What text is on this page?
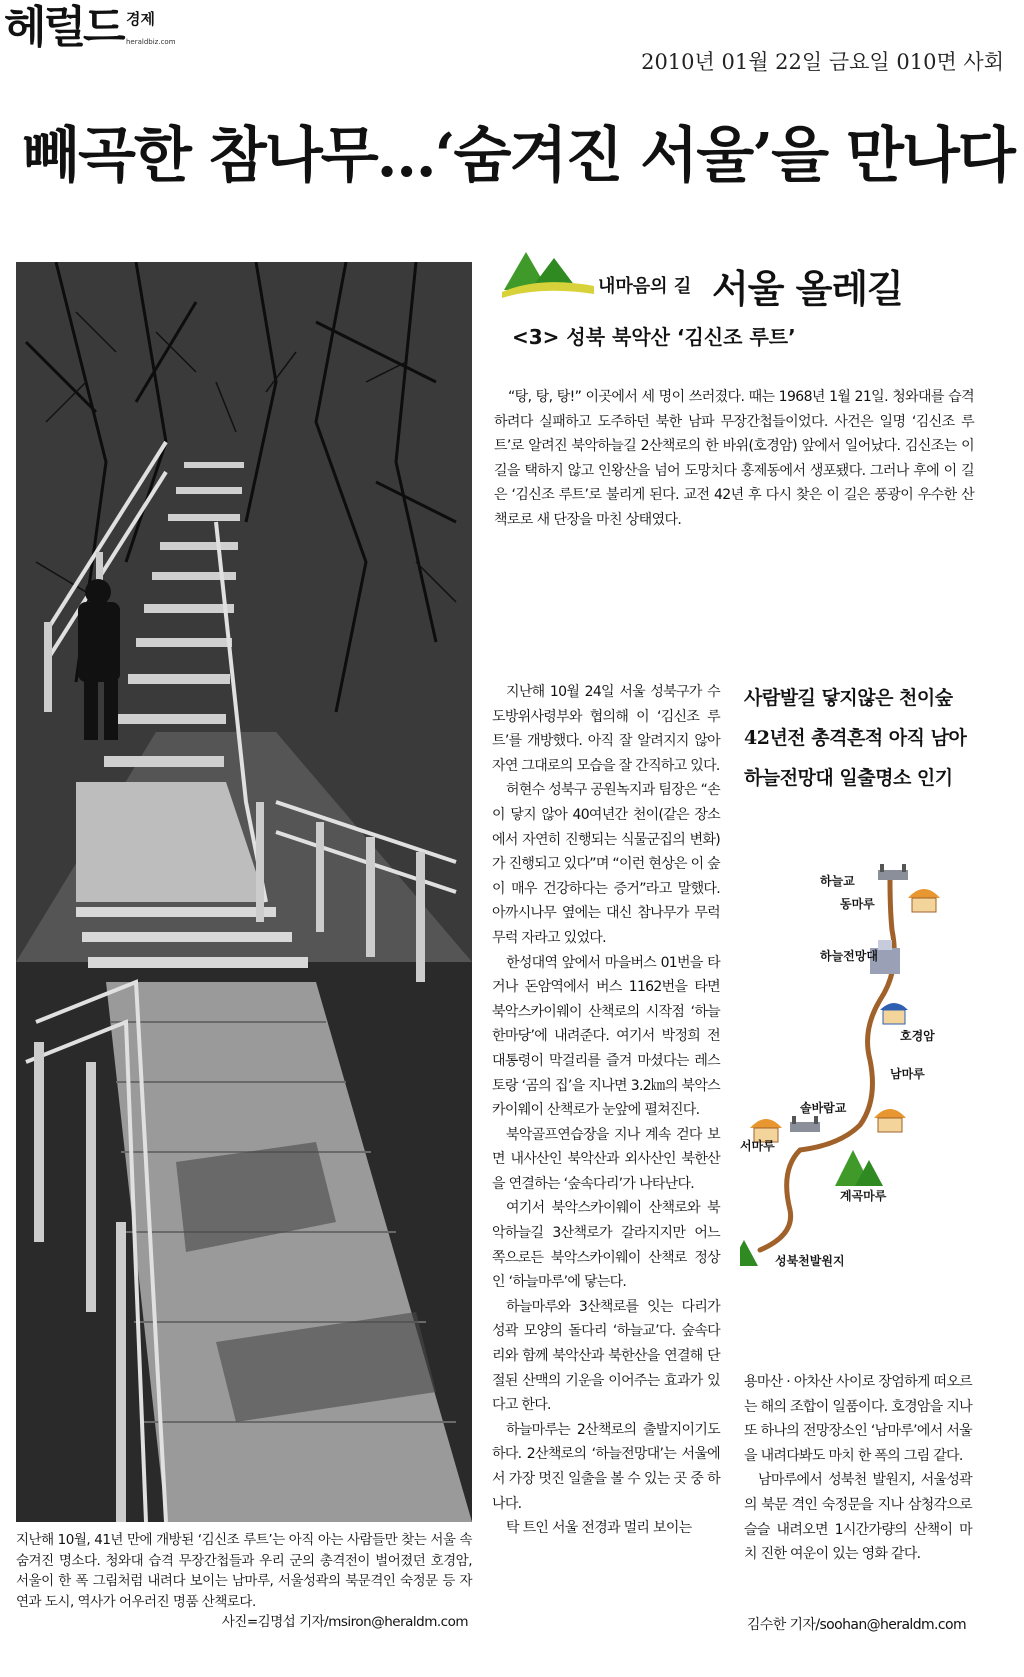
헤럴드 경제
heraldbiz.com
2010년 01월 22일 금요일 010면 사회
빼곡한 참나무…‘숨겨진 서울’을 만나다
지난해 10월, 41년 만에 개방된 ‘김신조 루트’는 아직 아는 사람들만 찾는 서울 속 숨겨진 명소다. 청와대 습격 무장간첩들과 우리 군의 총격전이 벌어졌던 호경암, 서울이 한 폭 그림처럼 내려다 보이는 남마루, 서울성곽의 북문격인 숙정문 등 자연과 도시, 역사가 어우러진 명품 산책로다.
사진=김명섭 기자/msiron@heraldm.com
내마음의 길 서울 올레길
<3> 성북 북악산 ‘김신조 루트’

“탕, 탕, 탕!” 이곳에서 세 명이 쓰러졌다. 때는 1968년 1월 21일. 청와대를 습격하려다 실패하고 도주하던 북한 남파 무장간첩들이었다. 사건은 일명 ‘김신조 루트’로 알려진 북악하늘길 2산책로의 한 바위(호경암) 앞에서 일어났다. 김신조는 이 길을 택하지 않고 인왕산을 넘어 도망치다 홍제동에서 생포됐다. 그러나 후에 이 길은 ‘김신조 루트’로 불리게 된다. 교전 42년 후 다시 찾은 이 길은 풍광이 우수한 산책로로 새 단장을 마친 상태였다.

지난해 10월 24일 서울 성북구가 수도방위사령부와 협의해 이 ‘김신조 루트’를 개방했다. 아직 잘 알려지지 않아 자연 그대로의 모습을 잘 간직하고 있다.

허현수 성북구 공원녹지과 팀장은 “손이 닿지 않아 40여년간 천이(같은 장소에서 자연히 진행되는 식물군집의 변화)가 진행되고 있다”며 “이런 현상은 이 숲이 매우 건강하다는 증거”라고 말했다. 아까시나무 옆에는 대신 참나무가 무럭무럭 자라고 있었다.

한성대역 앞에서 마을버스 01번을 타거나 돈암역에서 버스 1162번을 타면 북악스카이웨이 산책로의 시작점 ‘하늘한마당’에 내려준다. 여기서 박정희 전 대통령이 막걸리를 즐겨 마셨다는 레스토랑 ‘곰의 집’을 지나면 3.2㎞의 북악스카이웨이 산책로가 눈앞에 펼쳐진다.

북악골프연습장을 지나 계속 걷다 보면 내사산인 북악산과 외사산인 북한산을 연결하는 ‘숲속다리’가 나타난다.

여기서 북악스카이웨이 산책로와 북악하늘길 3산책로가 갈라지지만 어느 쪽으로든 북악스카이웨이 산책로 정상인 ‘하늘마루’에 닿는다.

하늘마루와 3산책로를 잇는 다리가 성곽 모양의 돌다리 ‘하늘교’다. 숲속다리와 함께 북악산과 북한산을 연결해 단절된 산맥의 기운을 이어주는 효과가 있다고 한다.

하늘마루는 2산책로의 출발지이기도 하다. 2산책로의 ‘하늘전망대’는 서울에서 가장 멋진 일출을 볼 수 있는 곳 중 하나다.

탁 트인 서울 전경과 멀리 보이는

사람발길 닿지않은 천이숲
42년전 총격흔적 아직 남아
하늘전망대 일출명소 인기
하늘교
동마루
하늘전망대
호경암
남마루
솔바람교
서마루
계곡마루
성북천발원지

용마산 · 아차산 사이로 장엄하게 떠오르는 해의 조합이 일품이다. 호경암을 지나 또 하나의 전망장소인 ‘남마루’에서 서울을 내려다봐도 마치 한 폭의 그림 같다.

남마루에서 성북천 발원지, 서울성곽의 북문 격인 숙정문을 지나 삼청각으로 슬슬 내려오면 1시간가량의 산책이 마치 진한 여운이 있는 영화 같다.

김수한 기자/soohan@heraldm.com
